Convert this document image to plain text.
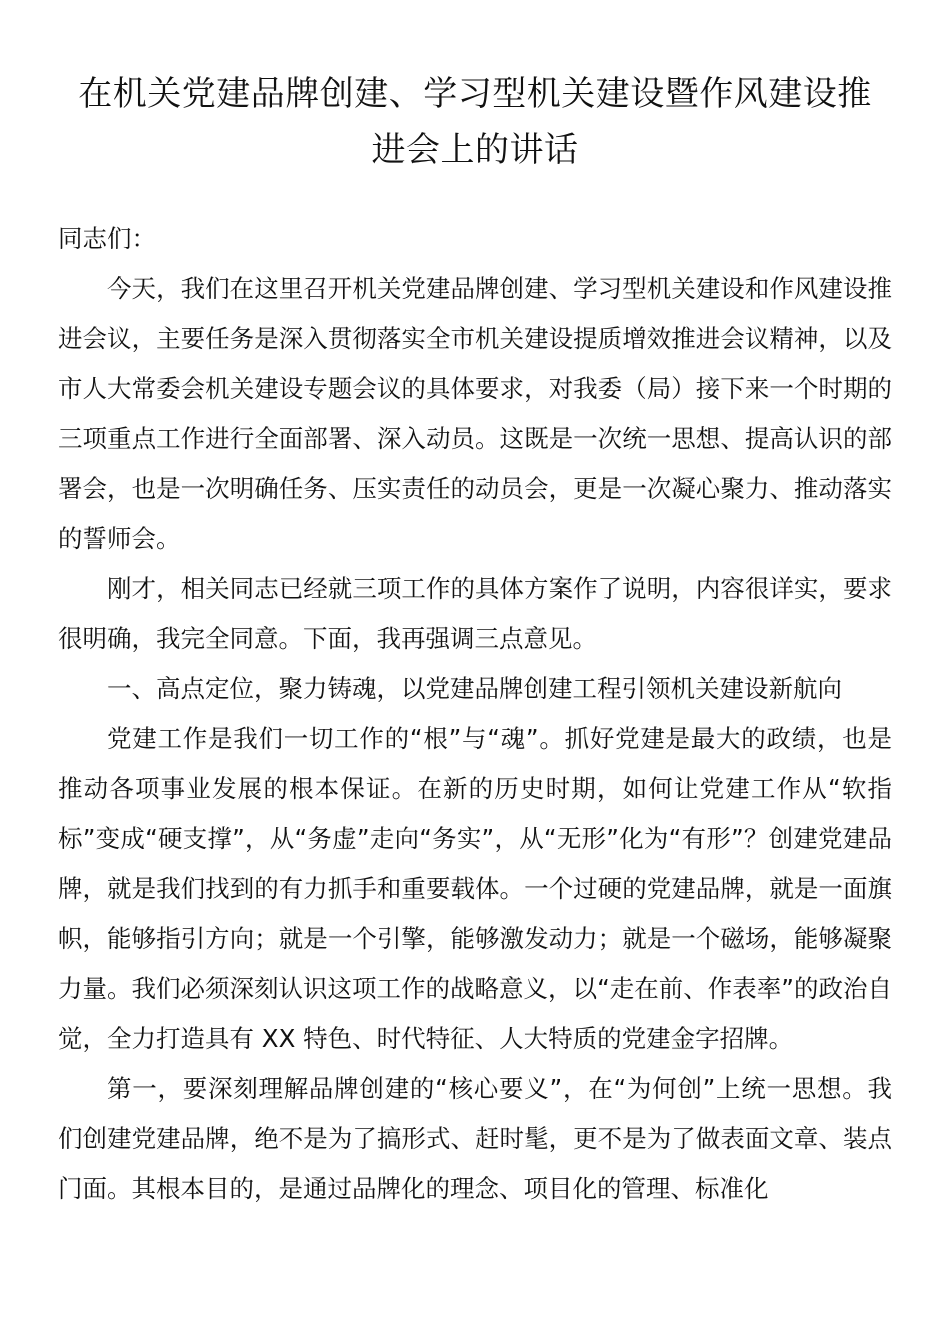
在机关党建品牌创建、学习型机关建设暨作风建设推
进会上的讲话

同志们：

今天，我们在这里召开机关党建品牌创建、学习型机关建设和作风建设推进会议，主要任务是深入贯彻落实全市机关建设提质增效推进会议精神，以及市人大常委会机关建设专题会议的具体要求，对我委（局）接下来一个时期的三项重点工作进行全面部署、深入动员。这既是一次统一思想、提高认识的部署会，也是一次明确任务、压实责任的动员会，更是一次凝心聚力、推动落实的誓师会。

刚才，相关同志已经就三项工作的具体方案作了说明，内容很详实，要求很明确，我完全同意。下面，我再强调三点意见。

一、高点定位，聚力铸魂，以党建品牌创建工程引领机关建设新航向

党建工作是我们一切工作的“根”与“魂”。抓好党建是最大的政绩，也是推动各项事业发展的根本保证。在新的历史时期，如何让党建工作从“软指标”变成“硬支撑”，从“务虚”走向“务实”，从“无形”化为“有形”？创建党建品牌，就是我们找到的有力抓手和重要载体。一个过硬的党建品牌，就是一面旗帜，能够指引方向；就是一个引擎，能够激发动力；就是一个磁场，能够凝聚力量。我们必须深刻认识这项工作的战略意义，以“走在前、作表率”的政治自觉，全力打造具有 XX 特色、时代特征、人大特质的党建金字招牌。

第一，要深刻理解品牌创建的“核心要义”，在“为何创”上统一思想。我们创建党建品牌，绝不是为了搞形式、赶时髦，更不是为了做表面文章、装点门面。其根本目的，是通过品牌化的理念、项目化的管理、标准化
